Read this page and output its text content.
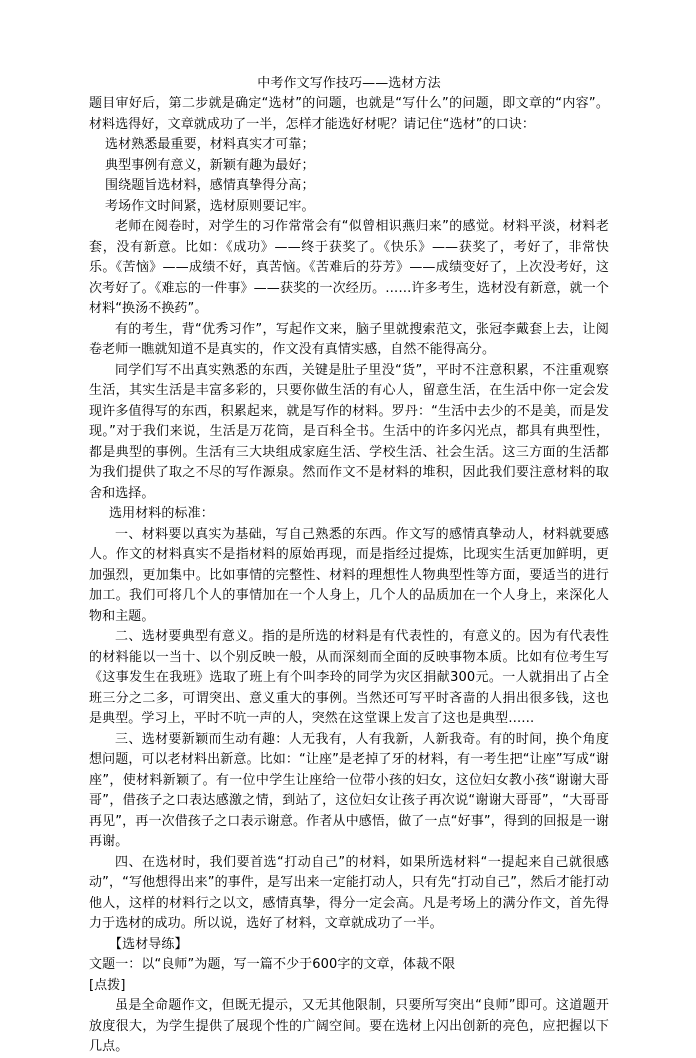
中考作文写作技巧——选材方法

题目审好后，第二步就是确定“选材”的问题，也就是“写什么”的问题，即文章的“内容”。材料选得好，文章就成功了一半，怎样才能选好材呢？请记住“选材”的口诀：

选材熟悉最重要，材料真实才可靠；

典型事例有意义，新颖有趣为最好；

围绕题旨选材料，感情真挚得分高；

考场作文时间紧，选材原则要记牢。

老师在阅卷时，对学生的习作常常会有“似曾相识燕归来”的感觉。材料平淡，材料老套，没有新意。比如：《成功》——终于获奖了。《快乐》——获奖了，考好了，非常快乐。《苦恼》——成绩不好，真苦恼。《苦难后的芬芳》——成绩变好了，上次没考好，这次考好了。《难忘的一件事》——获奖的一次经历。……许多考生，选材没有新意，就一个材料“换汤不换药”。

有的考生，背“优秀习作”，写起作文来，脑子里就搜索范文，张冠李戴套上去，让阅卷老师一瞧就知道不是真实的，作文没有真情实感，自然不能得高分。

同学们写不出真实熟悉的东西，关键是肚子里没“货”，平时不注意积累，不注重观察生活，其实生活是丰富多彩的，只要你做生活的有心人，留意生活，在生活中你一定会发现许多值得写的东西，积累起来，就是写作的材料。罗丹：“生活中去少的不是美，而是发现。”对于我们来说，生活是万花筒，是百科全书。生活中的许多闪光点，都具有典型性，都是典型的事例。生活有三大块组成家庭生活、学校生活、社会生活。这三方面的生活都为我们提供了取之不尽的写作源泉。然而作文不是材料的堆积，因此我们要注意材料的取舍和选择。

选用材料的标准：

一、材料要以真实为基础，写自己熟悉的东西。作文写的感情真挚动人，材料就要感人。作文的材料真实不是指材料的原始再现，而是指经过提炼，比现实生活更加鲜明，更加强烈，更加集中。比如事情的完整性、材料的理想性人物典型性等方面，要适当的进行加工。我们可将几个人的事情加在一个人身上，几个人的品质加在一个人身上，来深化人物和主题。

二、选材要典型有意义。指的是所选的材料是有代表性的，有意义的。因为有代表性的材料能以一当十、以个别反映一般，从而深刻而全面的反映事物本质。比如有位考生写《这事发生在我班》选取了班上有个叫李玲的同学为灾区捐献300元。一人就捐出了占全班三分之二多，可谓突出、意义重大的事例。当然还可写平时吝啬的人捐出很多钱，这也是典型。学习上，平时不吭一声的人，突然在这堂课上发言了这也是典型……

三、选材要新颖而生动有趣：人无我有，人有我新，人新我奇。有的时间，换个角度想问题，可以老材料出新意。比如：“让座”是老掉了牙的材料，有一考生把“让座”写成“谢座”，使材料新颖了。有一位中学生让座给一位带小孩的妇女，这位妇女教小孩“谢谢大哥哥”，借孩子之口表达感激之情，到站了，这位妇女让孩子再次说“谢谢大哥哥”，“大哥哥再见”，再一次借孩子之口表示谢意。作者从中感悟，做了一点“好事”，得到的回报是一谢再谢。

四、在选材时，我们要首选“打动自己”的材料，如果所选材料“一提起来自己就很感动”，“写他想得出来”的事件，是写出来一定能打动人，只有先“打动自己”，然后才能打动他人，这样的材料行之以文，感情真挚，得分一定会高。凡是考场上的满分作文，首先得力于选材的成功。所以说，选好了材料，文章就成功了一半。

【选材导练】

文题一：以“良师”为题，写一篇不少于600字的文章，体裁不限

[点拨]

虽是全命题作文，但既无提示，又无其他限制，只要所写突出“良师”即可。这道题开放度很大，为学生提供了展现个性的广阔空间。要在选材上闪出创新的亮色，应把握以下几点。
